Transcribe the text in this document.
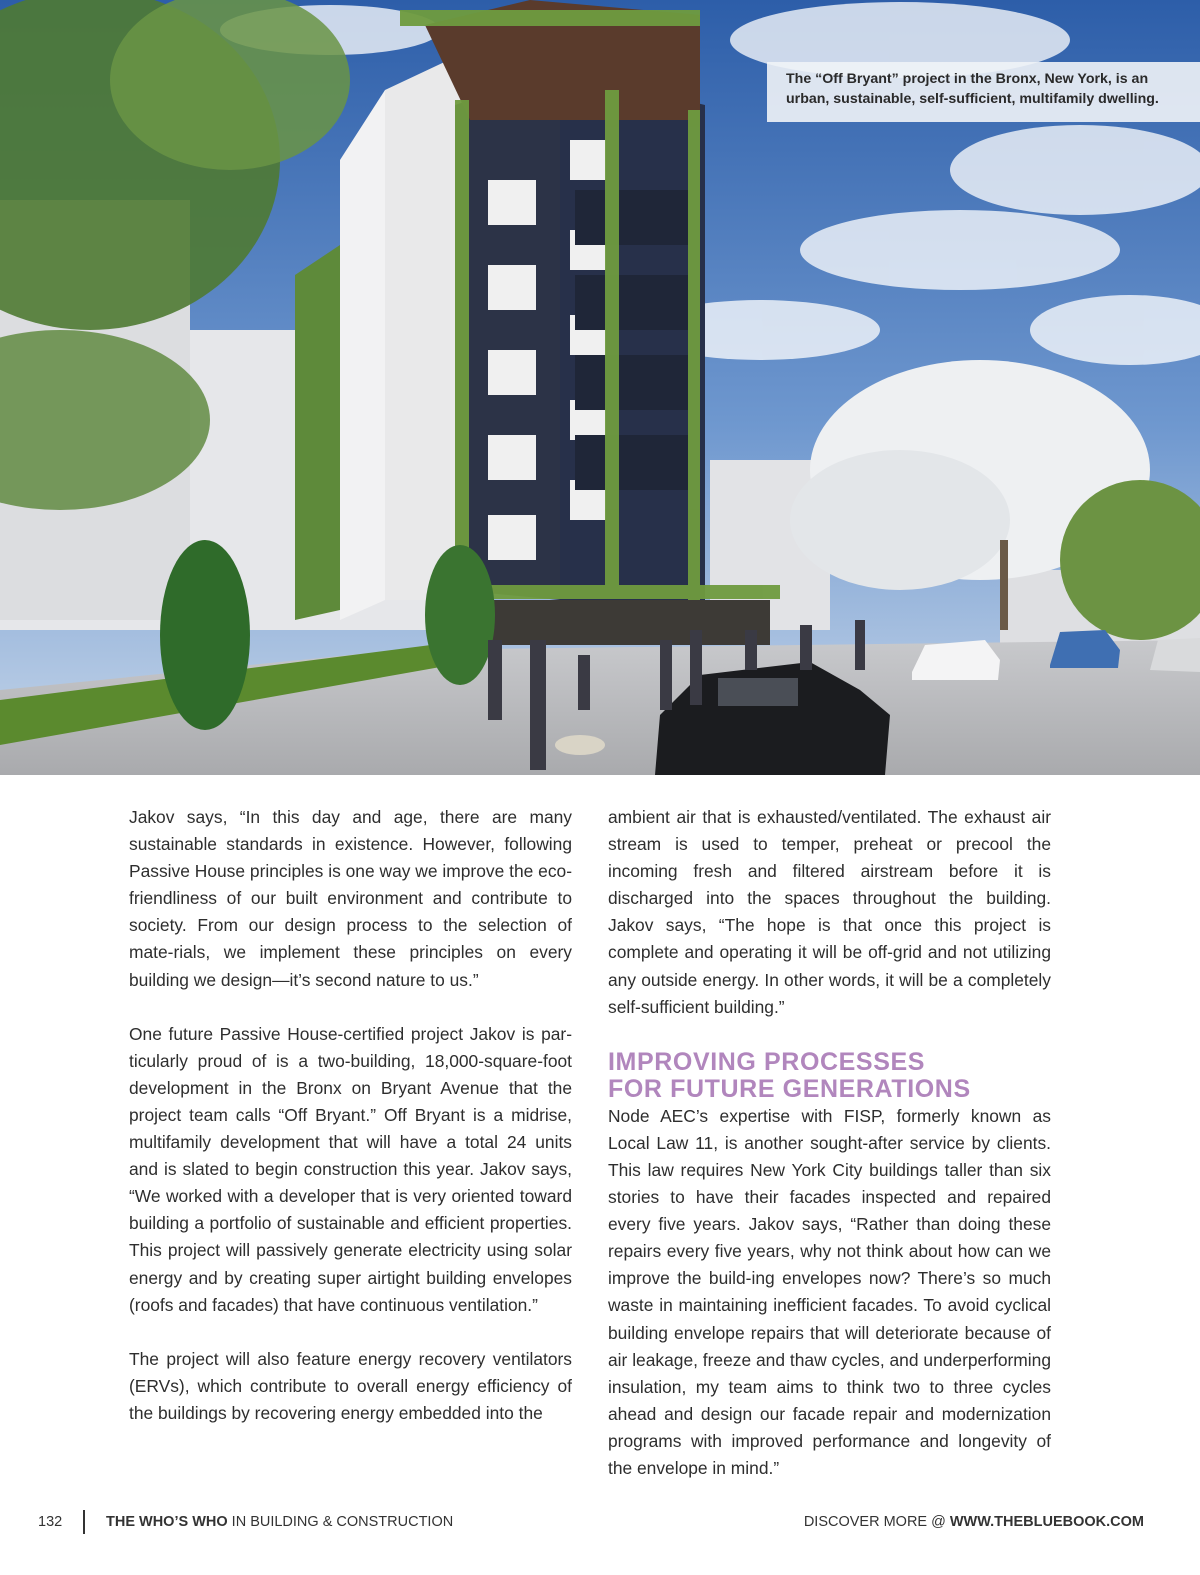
The “Off Bryant” project in the Bronx, New York, is an

urban, sustainable, self-sufficient, multifamily dwelling.

Jakov says, “In this day and age, there are many sustainable standards in existence. However, following Passive House principles is one way we improve the eco-friendliness of our built environment and contribute to society. From our design process to the selection of mate-rials, we implement these principles on every building we design—it’s second nature to us.”

One future Passive House-certified project Jakov is par-ticularly proud of is a two-building, 18,000-square-foot development in the Bronx on Bryant Avenue that the project team calls “Off Bryant.” Off Bryant is a midrise, multifamily development that will have a total 24 units and is slated to begin construction this year. Jakov says, “We worked with a developer that is very oriented toward building a portfolio of sustainable and efficient properties. This project will passively generate electricity using solar energy and by creating super airtight building envelopes (roofs and facades) that have continuous ventilation.”

The project will also feature energy recovery ventilators (ERVs), which contribute to overall energy efficiency of the buildings by recovering energy embedded into the

ambient air that is exhausted/ventilated. The exhaust air stream is used to temper, preheat or precool the incoming fresh and filtered airstream before it is discharged into the spaces throughout the building. Jakov says, “The hope is that once this project is complete and operating it will be off-grid and not utilizing any outside energy. In other words, it will be a completely self-sufficient building.”

IMPROVING PROCESSES
FOR FUTURE GENERATIONS

Node AEC’s expertise with FISP, formerly known as Local Law 11, is another sought-after service by clients. This law requires New York City buildings taller than six stories to have their facades inspected and repaired every five years. Jakov says, “Rather than doing these repairs every five years, why not think about how can we improve the build-ing envelopes now? There’s so much waste in maintaining inefficient facades. To avoid cyclical building envelope repairs that will deteriorate because of air leakage, freeze and thaw cycles, and underperforming insulation, my team aims to think two to three cycles ahead and design our facade repair and modernization programs with improved performance and longevity of the envelope in mind.”

132	THE WHO’S WHO IN BUILDING & CONSTRUCTION	DISCOVER MORE @ WWW.THEBLUEBOOK.COM
